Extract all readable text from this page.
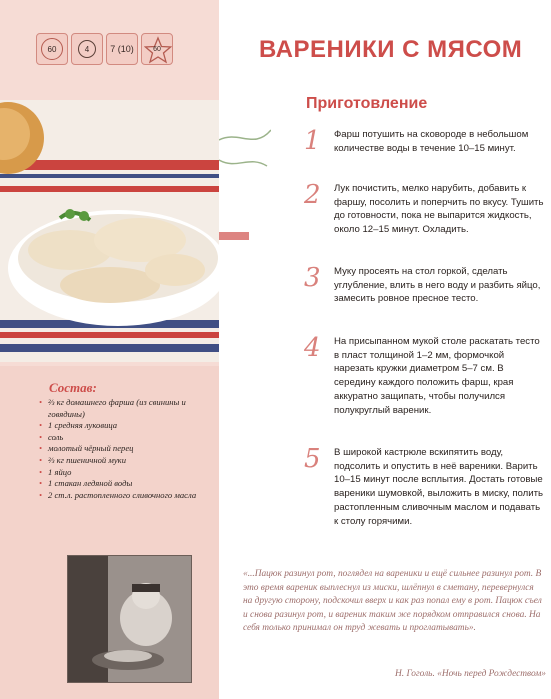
60	4 7 (10)	60	ВАРЕНИКИ С МЯСОМ
Приготовление
1	Фарш потушить на сковороде в небольшом количестве воды в течение 10–15 минут.
2	Лук почистить, мелко нарубить, добавить к фаршу, посолить и поперчить по вкусу. Тушить до готовности, пока не выпарится жидкость, около 12–15 минут. Охладить.
3	Муку просеять на стол горкой, сделать углубление, влить в него воду и разбить яйцо, замесить ровное пресное тесто.
4	На присыпанном мукой столе раскатать тесто в пласт толщиной 1–2 мм, формочкой нарезать кружки диаметром 5–7 см. В середину каждого положить фарш, края аккуратно защипать, чтобы получился полукруглый вареник.
5	В широкой кастрюле вскипятить воду, подсолить и опустить в неё вареники. Варить 10–15 минут после всплытия. Достать готовые вареники шумовкой, выложить в миску, полить растопленным сливочным маслом и подавать к столу горячими.
Состав:
• ⅔ кг домашнего фарша (из свинины и говядины)
• 1 средняя луковица
• соль
• молотый чёрный перец
• ⅔ кг пшеничной муки
• 1 яйцо
• 1 стакан ледяной воды
• 2 ст.л. растопленного сливочного масла
«...Пацюк разинул рот, поглядел на вареники и ещё сильнее разинул рот. В это время вареник выплеснул из миски, шлёпнул в сметану, перевернулся на другую сторону, подскочил вверх и как раз попал ему в рот. Пацюк съел и снова разинул рот, и вареник таким же порядком отправился снова. На себя только принимал он труд жевать и проглатывать».
Н. Гоголь. «Ночь перед Рождеством»
